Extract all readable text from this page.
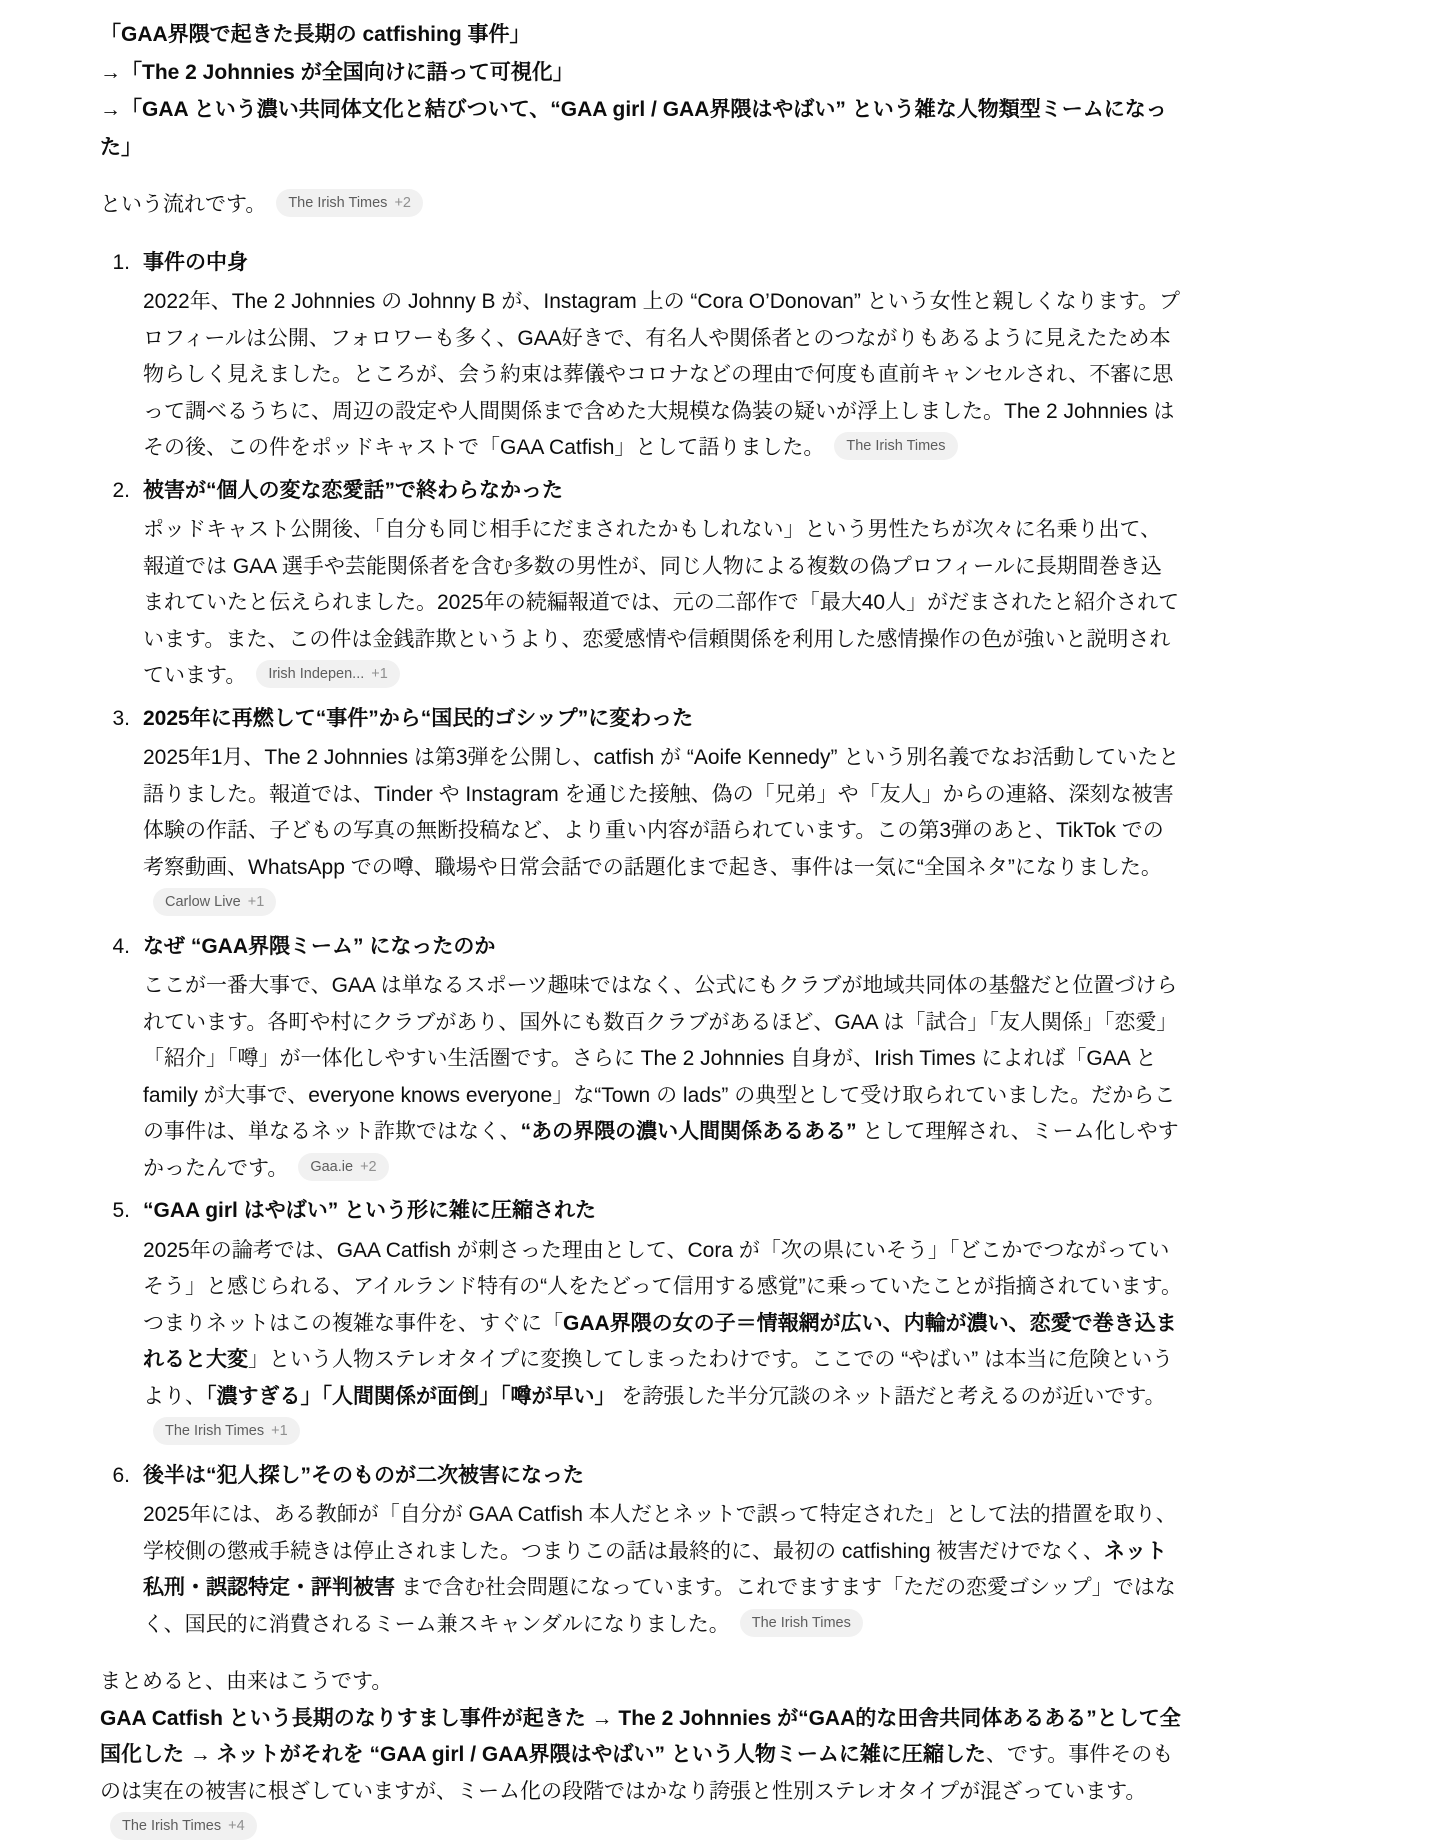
「GAA界隈で起きた長期の catfishing 事件」
→「The 2 Johnnies が全国向けに語って可視化」
→「GAA という濃い共同体文化と結びついて、“GAA girl / GAA界隈はやばい” という雑な人物類型ミームになった」

という流れです。 The Irish Times +2

1. 事件の中身
2022年、The 2 Johnnies の Johnny B が、Instagram 上の “Cora O’Donovan” という女性と親しくなります。プロフィールは公開、フォロワーも多く、GAA好きで、有名人や関係者とのつながりもあるように見えたため本物らしく見えました。ところが、会う約束は葬儀やコロナなどの理由で何度も直前キャンセルされ、不審に思って調べるうちに、周辺の設定や人間関係まで含めた大規模な偽装の疑いが浮上しました。The 2 Johnnies はその後、この件をポッドキャストで「GAA Catfish」として語りました。 The Irish Times
2. 被害が“個人の変な恋愛話”で終わらなかった
ポッドキャスト公開後、「自分も同じ相手にだまされたかもしれない」という男性たちが次々に名乗り出て、報道では GAA 選手や芸能関係者を含む多数の男性が、同じ人物による複数の偽プロフィールに長期間巻き込まれていたと伝えられました。2025年の続編報道では、元の二部作で「最大40人」がだまされたと紹介されています。また、この件は金銭詐欺というより、恋愛感情や信頼関係を利用した感情操作の色が強いと説明されています。 Irish Indepen... +1
3. 2025年に再燃して“事件”から“国民的ゴシップ”に変わった
2025年1月、The 2 Johnnies は第3弾を公開し、catfish が “Aoife Kennedy” という別名義でなお活動していたと語りました。報道では、Tinder や Instagram を通じた接触、偽の「兄弟」や「友人」からの連絡、深刻な被害体験の作話、子どもの写真の無断投稿など、より重い内容が語られています。この第3弾のあと、TikTok での考察動画、WhatsApp での噂、職場や日常会話での話題化まで起き、事件は一気に“全国ネタ”になりました。
Carlow Live +1
4. なぜ “GAA界隈ミーム” になったのか
ここが一番大事で、GAA は単なるスポーツ趣味ではなく、公式にもクラブが地域共同体の基盤だと位置づけられています。各町や村にクラブがあり、国外にも数百クラブがあるほど、GAA は「試合」「友人関係」「恋愛」「紹介」「噂」が一体化しやすい生活圏です。さらに The 2 Johnnies 自身が、Irish Times によれば「GAA と family が大事で、everyone knows everyone」な“Town の lads” の典型として受け取られていました。だからこの事件は、単なるネット詐欺ではなく、“あの界隈の濃い人間関係あるある” として理解され、ミーム化しやすかったんです。 Gaa.ie +2
5. “GAA girl はやばい” という形に雑に圧縮された
2025年の論考では、GAA Catfish が刺さった理由として、Cora が「次の県にいそう」「どこかでつながっていそう」と感じられる、アイルランド特有の“人をたどって信用する感覚”に乗っていたことが指摘されています。つまりネットはこの複雑な事件を、すぐに「GAA界隈の女の子＝情報網が広い、内輪が濃い、恋愛で巻き込まれると大変」という人物ステレオタイプに変換してしまったわけです。ここでの “やばい” は本当に危険というより、「濃すぎる」「人間関係が面倒」「噂が早い」 を誇張した半分冗談のネット語だと考えるのが近いです。
The Irish Times +1
6. 後半は“犯人探し”そのものが二次被害になった
2025年には、ある教師が「自分が GAA Catfish 本人だとネットで誤って特定された」として法的措置を取り、学校側の懲戒手続きは停止されました。つまりこの話は最終的に、最初の catfishing 被害だけでなく、ネット私刑・誤認特定・評判被害 まで含む社会問題になっています。これでますます「ただの恋愛ゴシップ」ではなく、国民的に消費されるミーム兼スキャンダルになりました。 The Irish Times

まとめると、由来はこうです。
GAA Catfish という長期のなりすまし事件が起きた → The 2 Johnnies が“GAA的な田舎共同体あるある”として全国化した → ネットがそれを “GAA girl / GAA界隈はやばい” という人物ミームに雑に圧縮した、です。事件そのものは実在の被害に根ざしていますが、ミーム化の段階ではかなり誇張と性別ステレオタイプが混ざっています。
The Irish Times +4
